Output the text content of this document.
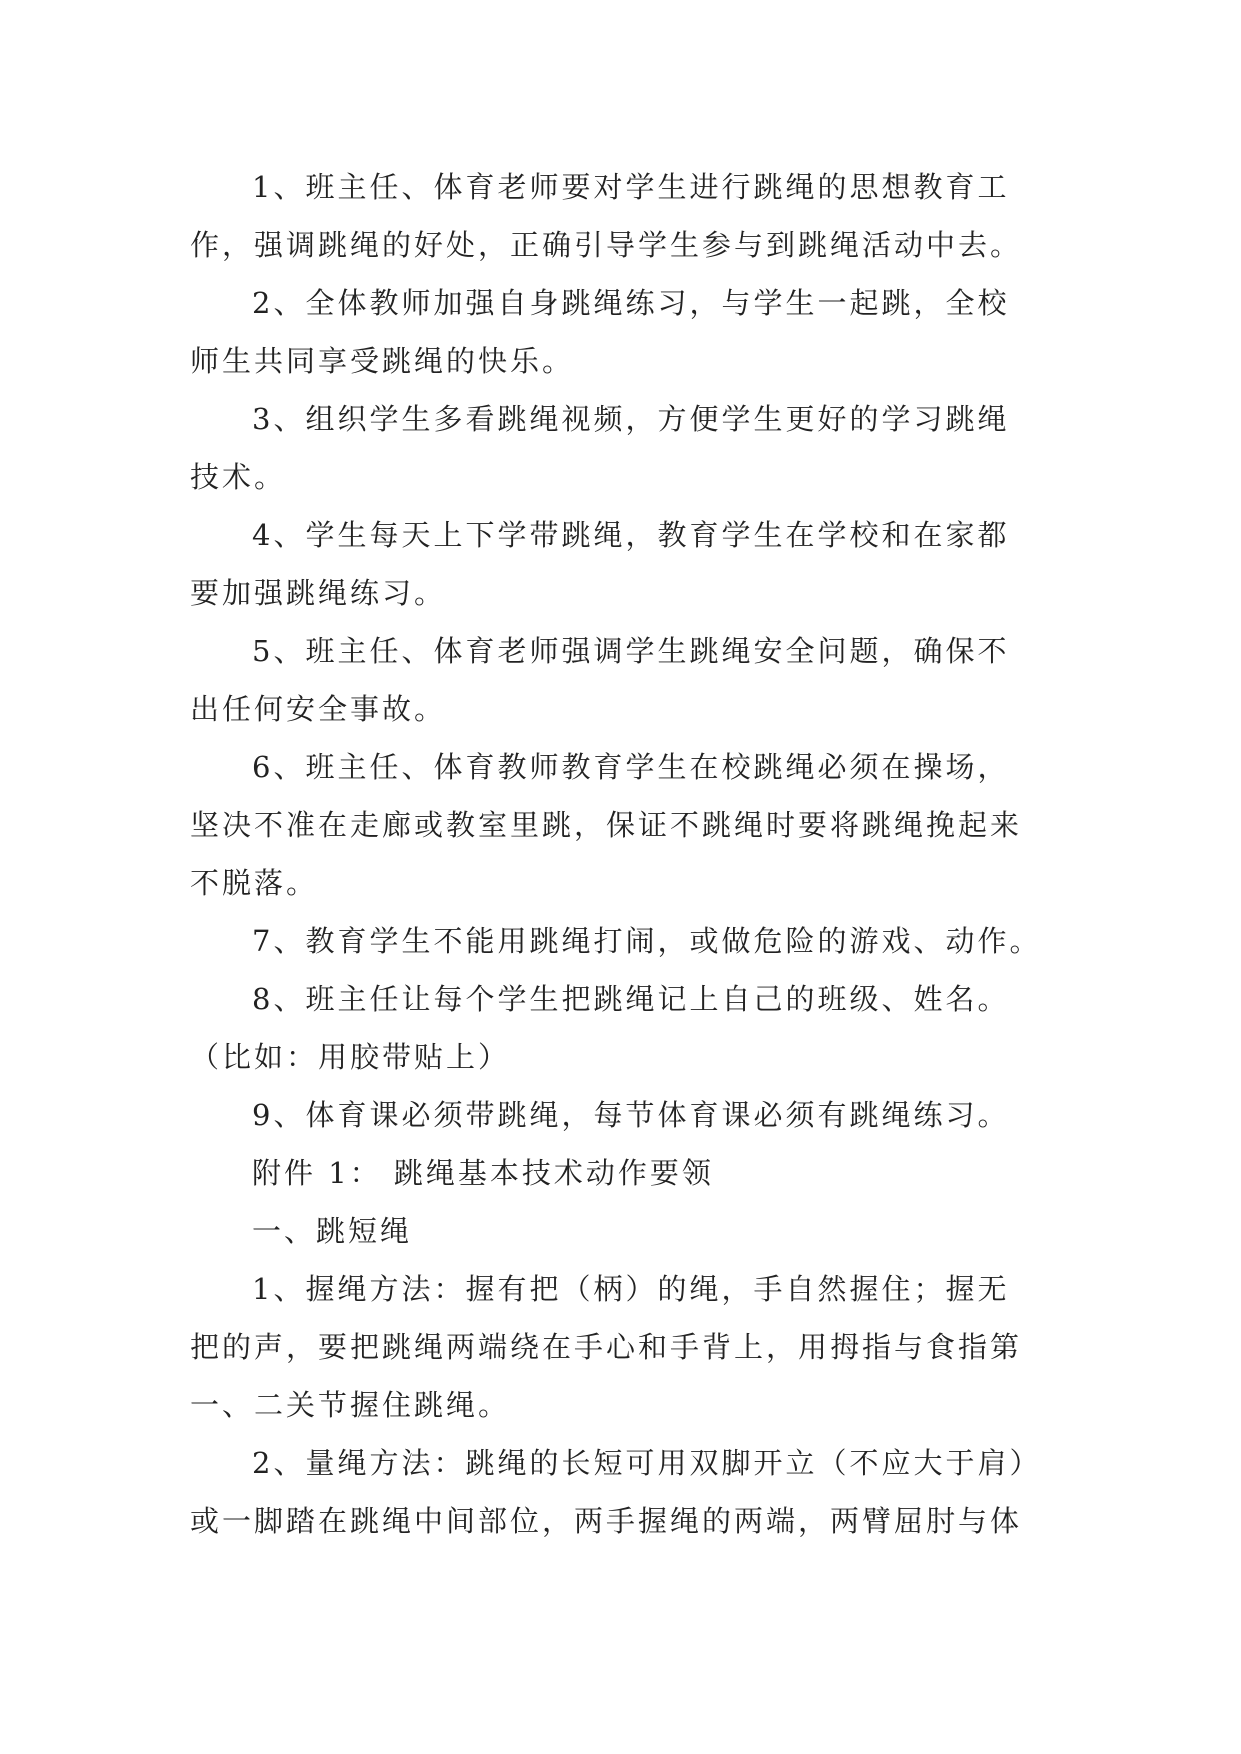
1、班主任、体育老师要对学生进行跳绳的思想教育工
作，强调跳绳的好处，正确引导学生参与到跳绳活动中去。

2、全体教师加强自身跳绳练习，与学生一起跳，全校
师生共同享受跳绳的快乐。

3、组织学生多看跳绳视频，方便学生更好的学习跳绳
技术。

4、学生每天上下学带跳绳，教育学生在学校和在家都
要加强跳绳练习。

5、班主任、体育老师强调学生跳绳安全问题，确保不
出任何安全事故。

6、班主任、体育教师教育学生在校跳绳必须在操场，
坚决不准在走廊或教室里跳，保证不跳绳时要将跳绳挽起来
不脱落。

7、教育学生不能用跳绳打闹，或做危险的游戏、动作。

8、班主任让每个学生把跳绳记上自己的班级、姓名。
（比如：用胶带贴上）

9、体育课必须带跳绳，每节体育课必须有跳绳练习。

附件 1： 跳绳基本技术动作要领

一、跳短绳

1、握绳方法：握有把（柄）的绳，手自然握住；握无
把的声，要把跳绳两端绕在手心和手背上，用拇指与食指第
一、二关节握住跳绳。

2、量绳方法：跳绳的长短可用双脚开立（不应大于肩）
或一脚踏在跳绳中间部位，两手握绳的两端，两臂屈肘与体
